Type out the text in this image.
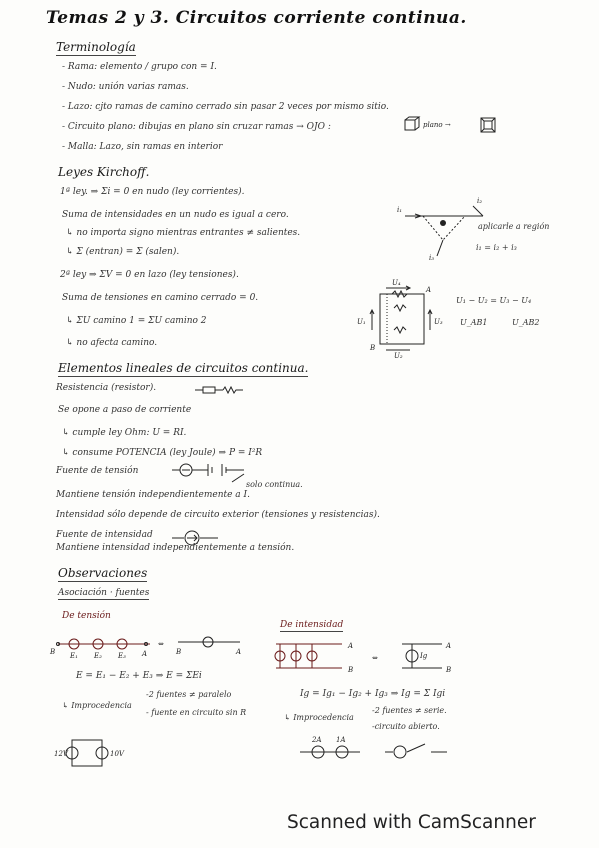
Temas 2 y 3. Circuitos corriente continua.
Terminología
- Rama: elemento / grupo con = I.
- Nudo: unión varias ramas.
- Lazo: cjto ramas de camino cerrado sin pasar 2 veces por mismo sitio.
- Circuito plano: dibujas en plano sin cruzar ramas → OJO :	plano →
- Malla: Lazo, sin ramas en interior
Leyes Kirchoff.
1ª ley. ⇒ Σi = 0 en nudo (ley corrientes).
Suma de intensidades en un nudo es igual a cero.
↳ no importa signo mientras entrantes ≠ salientes.
↳ Σ (entran) = Σ (salen).
i₁
i₂
i₃
aplicarle a región
i₁ = i₂ + i₃
2ª ley ⇒ ΣV = 0 en lazo (ley tensiones).
Suma de tensiones en camino cerrado = 0.
↳ ΣU camino 1 = ΣU camino 2
↳ no afecta camino.
U₁
U₄
U₃
U₂
A
B
U₁ − U₂ = U₃ − U₄
U_AB1	U_AB2
Elementos lineales de circuitos continua.
Resistencia (resistor).
Se opone a paso de corriente
↳ cumple ley Ohm: U = RI.
↳ consume POTENCIA (ley Joule) ⇒ P = I²R
Fuente de tensión
solo continua.
Mantiene tensión independientemente a I.
Intensidad sólo depende de circuito exterior (tensiones y resistencias).
Fuente de intensidad
Mantiene intensidad independientemente a tensión.
Observaciones
Asociación · fuentes
De tensión
De intensidad
B E₁ E₂ E₃ A
⇔
B	A
E = E₁ − E₂ + E₃ ⇒ E = ΣEi
A
B
⇔	Ig
A
B
Ig = Ig₁ − Ig₂ + Ig₃ ⇒ Ig = Σ Igi
↳ Improcedencia
-2 fuentes ≠ paralelo
- fuente en circuito sin R
↳ Improcedencia
-2 fuentes ≠ serie.
-circuito abierto.
12V	10V
2A 1A
Scanned with CamScanner
